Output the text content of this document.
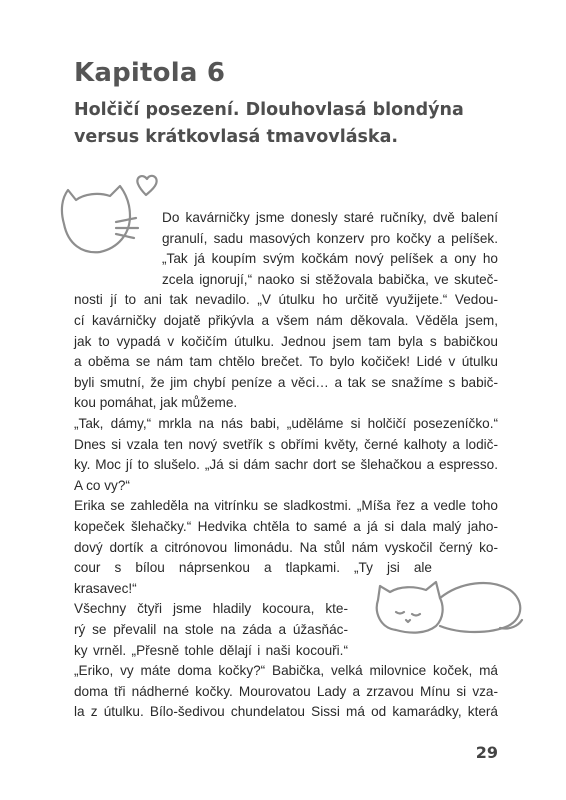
Kapitola 6
Holčičí posezení. Dlouhovlasá blondýna versus krátkovlasá tmavovláska.
Do kavárničky jsme donesly staré ručníky, dvě balení
granulí, sadu masových konzerv pro kočky a pelíšek.
„Tak já koupím svým kočkám nový pelíšek a ony ho
zcela ignorují,“ naoko si stěžovala babička, ve skuteč-
nosti jí to ani tak nevadilo. „V útulku ho určitě využijete.“ Vedou-
cí kavárničky dojatě přikývla a všem nám děkovala. Věděla jsem,
jak to vypadá v kočičím útulku. Jednou jsem tam byla s babičkou
a oběma se nám tam chtělo brečet. To bylo kočiček! Lidé v útulku
byli smutní, že jim chybí peníze a věci… a tak se snažíme s babič-
kou pomáhat, jak můžeme.
„Tak, dámy,“ mrkla na nás babi, „uděláme si holčičí posezeníčko.“
Dnes si vzala ten nový svetřík s obřími květy, černé kalhoty a lodič-
ky. Moc jí to slušelo. „Já si dám sachr dort se šlehačkou a espresso.
A co vy?“
Erika se zahleděla na vitrínku se sladkostmi. „Míša řez a vedle toho
kopeček šlehačky.“ Hedvika chtěla to samé a já si dala malý jaho-
dový dortík a citrónovou limonádu. Na stůl nám vyskočil černý ko-
cour s bílou náprsenkou a tlapkami. „Ty jsi ale
krasavec!“
Všechny čtyři jsme hladily kocoura, kte-
rý se převalil na stole na záda a úžasňác-
ky vrněl. „Přesně tohle dělají i naši kocouři.“
„Eriko, vy máte doma kočky?“ Babička, velká milovnice koček, má
doma tři nádherné kočky. Mourovatou Lady a zrzavou Mínu si vza-
la z útulku. Bílo-šedivou chundelatou Sissi má od kamarádky, která
29
